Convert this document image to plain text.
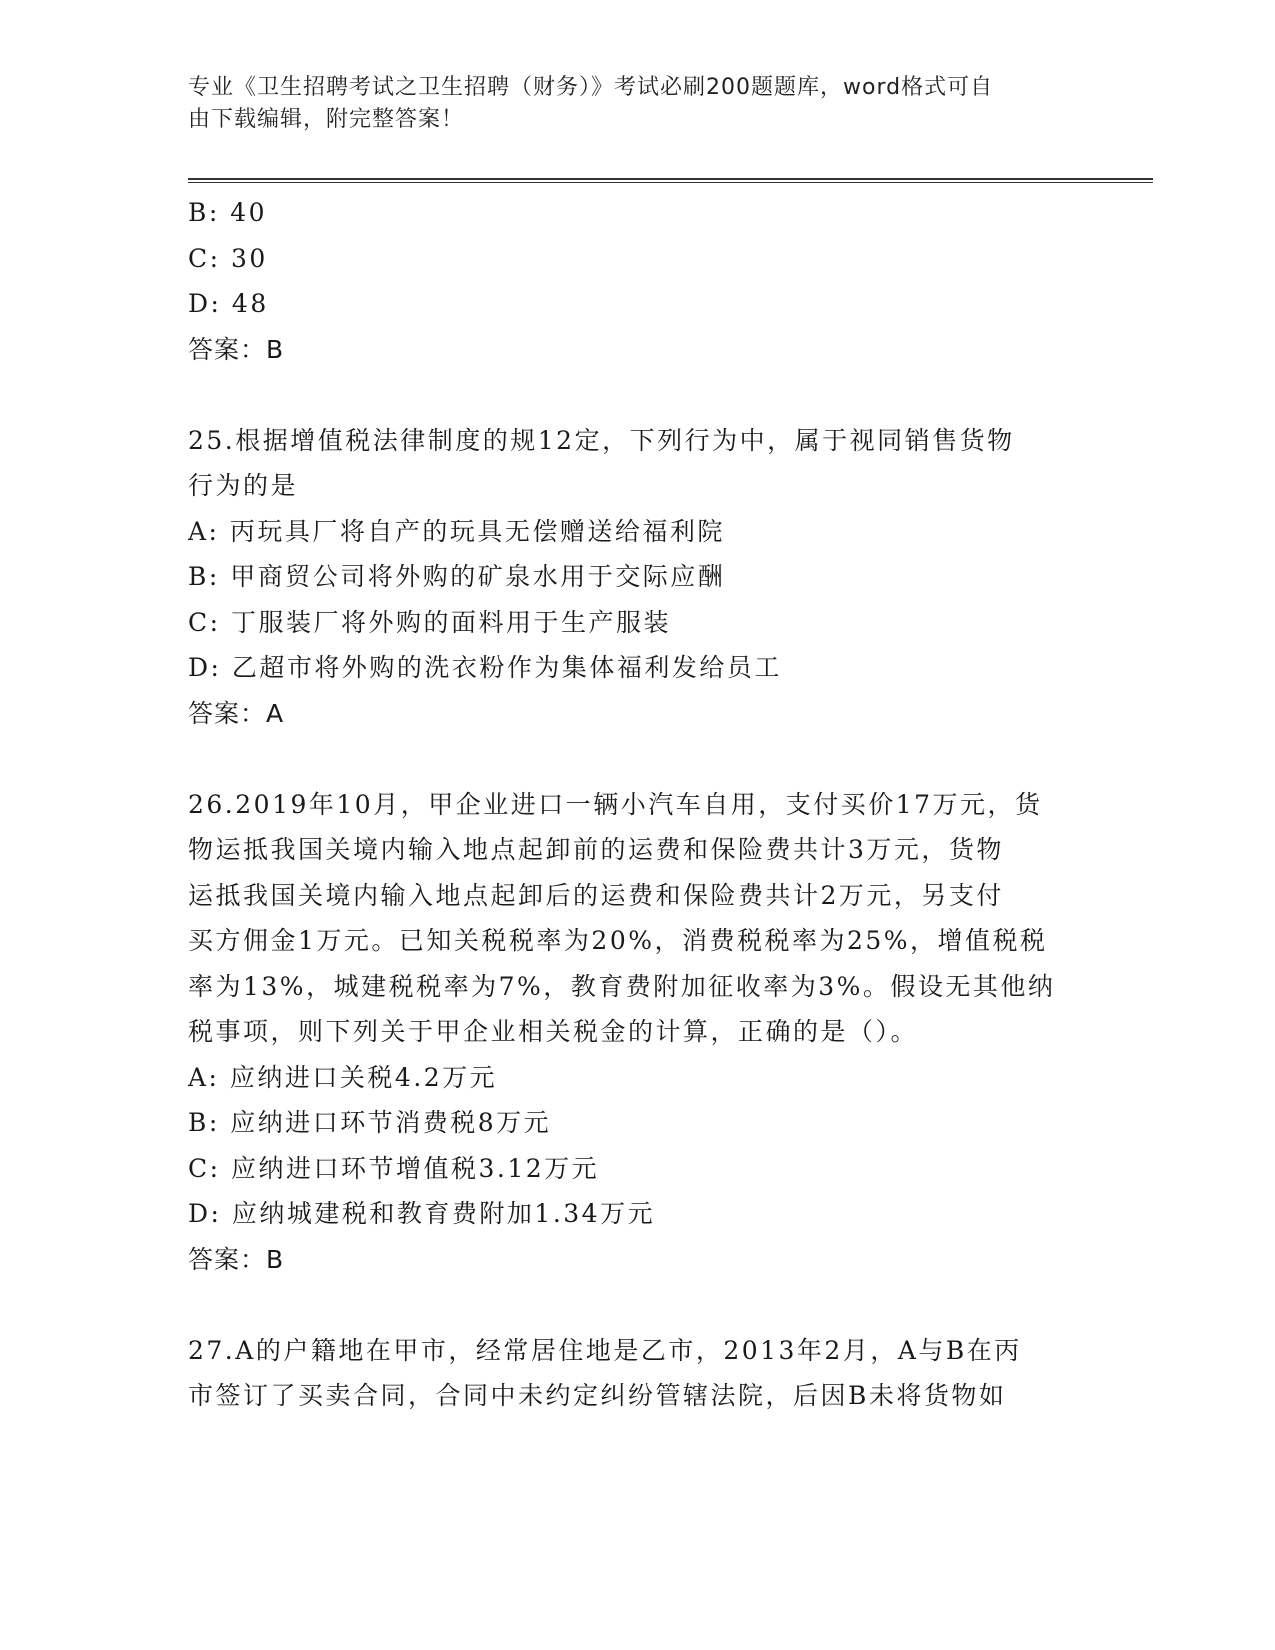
专业《卫生招聘考试之卫生招聘（财务）》考试必刷200题题库，word格式可自
由下载编辑，附完整答案！
B: 40
C: 30
D: 48
答案：B
25.根据增值税法律制度的规12定，下列行为中，属于视同销售货物
行为的是
A: 丙玩具厂将自产的玩具无偿赠送给福利院
B: 甲商贸公司将外购的矿泉水用于交际应酬
C: 丁服装厂将外购的面料用于生产服装
D: 乙超市将外购的洗衣粉作为集体福利发给员工
答案：A
26.2019年10月，甲企业进口一辆小汽车自用，支付买价17万元，货
物运抵我国关境内输入地点起卸前的运费和保险费共计3万元，货物
运抵我国关境内输入地点起卸后的运费和保险费共计2万元，另支付
买方佣金1万元。已知关税税率为20%，消费税税率为25%，增值税税
率为13%，城建税税率为7%，教育费附加征收率为3%。假设无其他纳
税事项，则下列关于甲企业相关税金的计算，正确的是（）。
A: 应纳进口关税4.2万元
B: 应纳进口环节消费税8万元
C: 应纳进口环节增值税3.12万元
D: 应纳城建税和教育费附加1.34万元
答案：B
27.A的户籍地在甲市，经常居住地是乙市，2013年2月，A与B在丙
市签订了买卖合同，合同中未约定纠纷管辖法院，后因B未将货物如
